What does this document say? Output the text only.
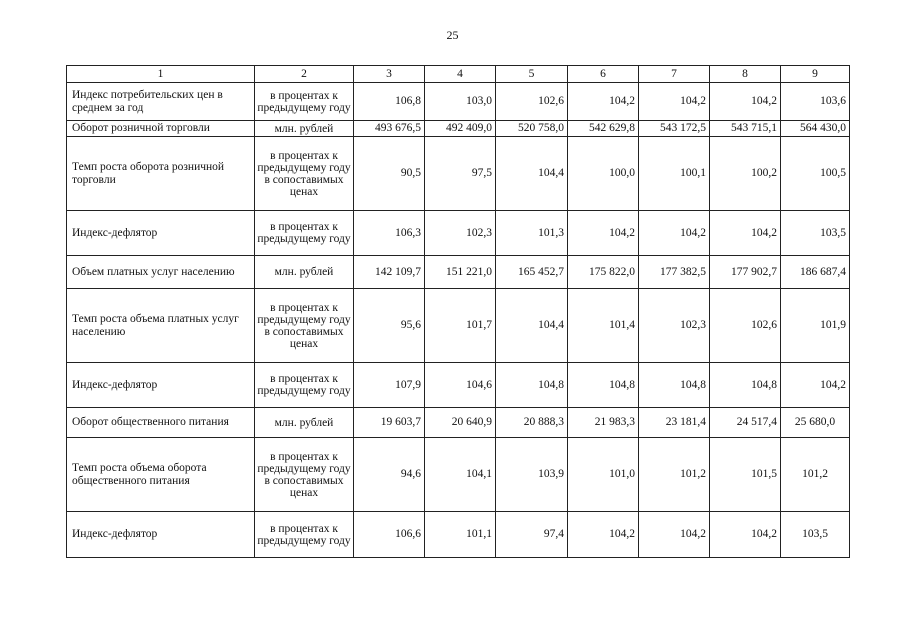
25
1	2	3	4	5	6	7	8	9
Индекс потребительских цен в среднем за год	в процентах к предыдущему году	106,8	103,0	102,6	104,2	104,2	104,2	103,6
Оборот розничной торговли	млн. рублей	493 676,5	492 409,0	520 758,0	542 629,8	543 172,5	543 715,1	564 430,0
Темп роста оборота розничной торговли	в процентах к предыдущему году в сопоставимых ценах	90,5	97,5	104,4	100,0	100,1	100,2	100,5
Индекс-дефлятор	в процентах к предыдущему году	106,3	102,3	101,3	104,2	104,2	104,2	103,5
Объем платных услуг населению	млн. рублей	142 109,7	151 221,0	165 452,7	175 822,0	177 382,5	177 902,7	186 687,4
Темп роста объема платных услуг населению	в процентах к предыдущему году в сопоставимых ценах	95,6	101,7	104,4	101,4	102,3	102,6	101,9
Индекс-дефлятор	в процентах к предыдущему году	107,9	104,6	104,8	104,8	104,8	104,8	104,2
Оборот общественного питания	млн. рублей	19 603,7	20 640,9	20 888,3	21 983,3	23 181,4	24 517,4	25 680,0
Темп роста объема оборота общественного питания	в процентах к предыдущему году в сопоставимых ценах	94,6	104,1	103,9	101,0	101,2	101,5	101,2
Индекс-дефлятор	в процентах к предыдущему году	106,6	101,1	97,4	104,2	104,2	104,2	103,5
